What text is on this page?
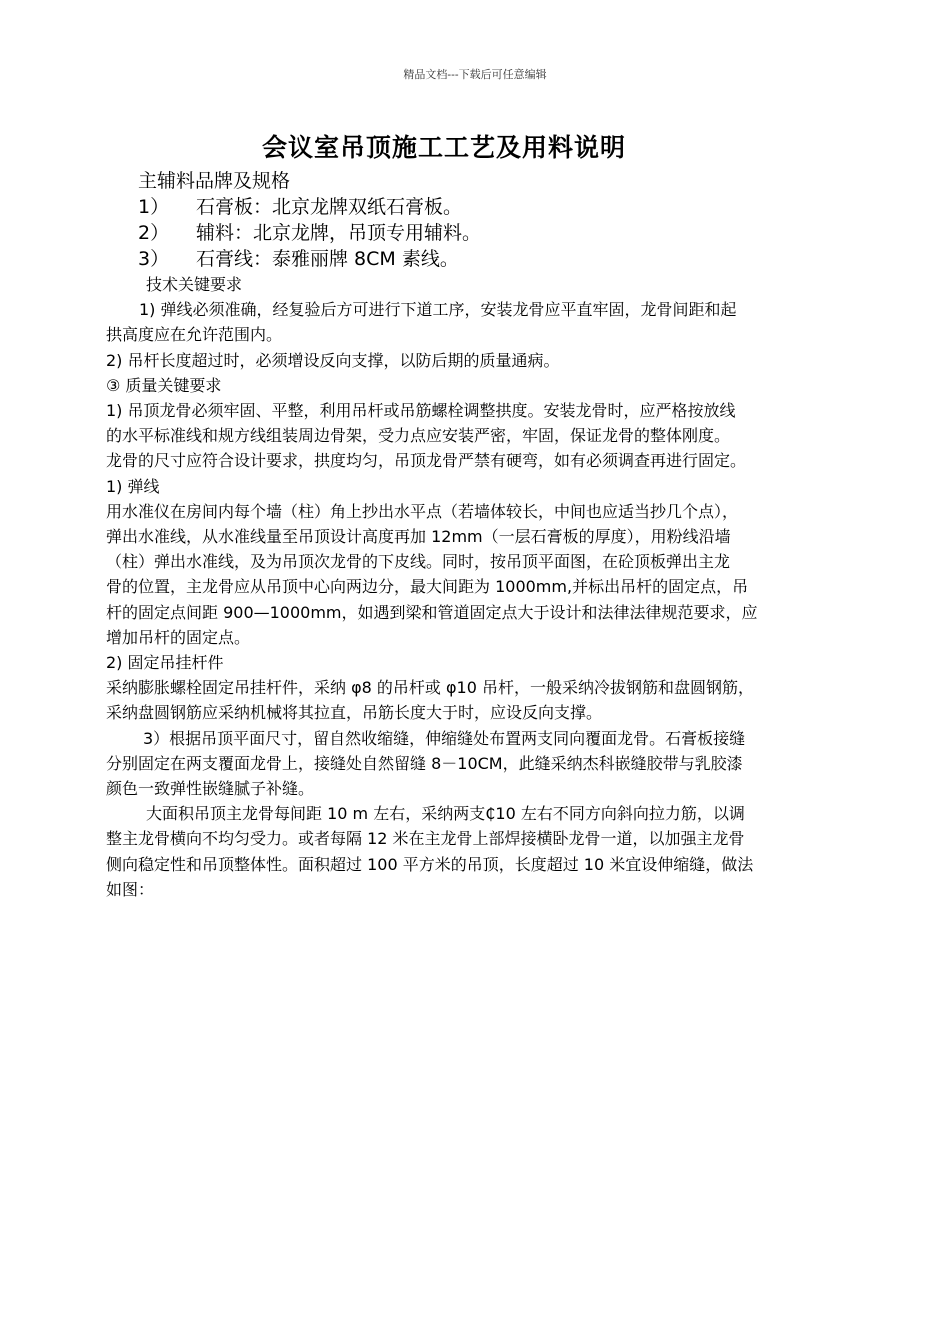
精品文档---下载后可任意编辑
会议室吊顶施工工艺及用料说明
主辅料品牌及规格
1） 石膏板：北京龙牌双纸石膏板。
2） 辅料：北京龙牌，吊顶专用辅料。
3） 石膏线：泰雅丽牌 8CM 素线。
技术关键要求
1) 弹线必须准确，经复验后方可进行下道工序，安装龙骨应平直牢固，龙骨间距和起
拱高度应在允许范围内。
2) 吊杆长度超过时，必须增设反向支撑，以防后期的质量通病。
③ 质量关键要求
1) 吊顶龙骨必须牢固、平整，利用吊杆或吊筋螺栓调整拱度。安装龙骨时，应严格按放线
的水平标准线和规方线组装周边骨架，受力点应安装严密，牢固，保证龙骨的整体刚度。
龙骨的尺寸应符合设计要求，拱度均匀，吊顶龙骨严禁有硬弯，如有必须调查再进行固定。
1) 弹线
用水准仪在房间内每个墙（柱）角上抄出水平点（若墙体较长，中间也应适当抄几个点），
弹出水准线，从水准线量至吊顶设计高度再加 12mm（一层石膏板的厚度），用粉线沿墙
（柱）弹出水准线，及为吊顶次龙骨的下皮线。同时，按吊顶平面图，在砼顶板弹出主龙
骨的位置，主龙骨应从吊顶中心向两边分，最大间距为 1000mm,并标出吊杆的固定点，吊
杆的固定点间距 900—1000mm，如遇到梁和管道固定点大于设计和法律法律规范要求，应
增加吊杆的固定点。
2) 固定吊挂杆件
采纳膨胀螺栓固定吊挂杆件，采纳 φ8 的吊杆或 φ10 吊杆，一般采纳冷拔钢筋和盘圆钢筋，
采纳盘圆钢筋应采纳机械将其拉直，吊筋长度大于时，应设反向支撑。
3）根据吊顶平面尺寸，留自然收缩缝，伸缩缝处布置两支同向覆面龙骨。石膏板接缝
分别固定在两支覆面龙骨上，接缝处自然留缝 8－10CM，此缝采纳杰科嵌缝胶带与乳胶漆
颜色一致弹性嵌缝腻子补缝。
大面积吊顶主龙骨每间距 10 m 左右，采纳两支₵10 左右不同方向斜向拉力筋，以调
整主龙骨横向不均匀受力。或者每隔 12 米在主龙骨上部焊接横卧龙骨一道，以加强主龙骨
侧向稳定性和吊顶整体性。面积超过 100 平方米的吊顶，长度超过 10 米宜设伸缩缝，做法
如图：
